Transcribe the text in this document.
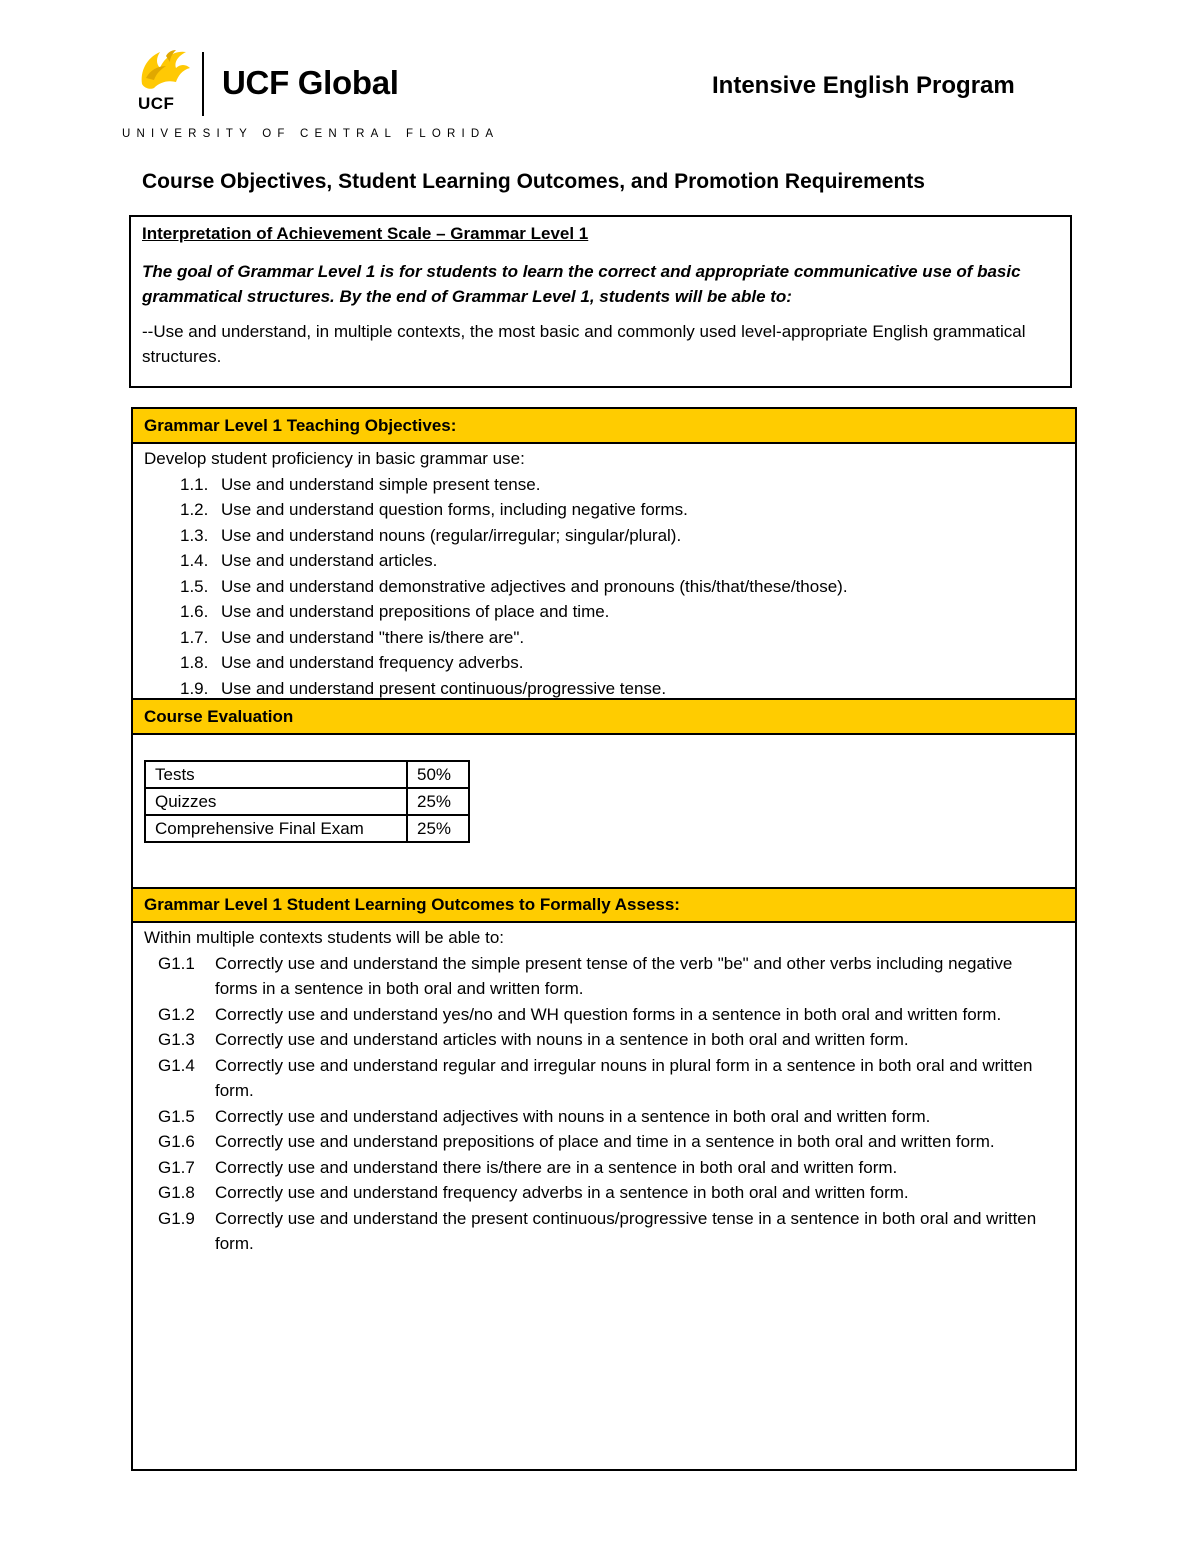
UCF
UCF Global
UNIVERSITY OF CENTRAL FLORIDA
Intensive English Program
Course Objectives, Student Learning Outcomes, and Promotion Requirements
Interpretation of Achievement Scale – Grammar Level 1
The goal of Grammar Level 1 is for students to learn the correct and appropriate communicative use of basic grammatical structures. By the end of Grammar Level 1, students will be able to:
--Use and understand, in multiple contexts, the most basic and commonly used level-appropriate English grammatical structures.
Grammar Level 1 Teaching Objectives:
Develop student proficiency in basic grammar use:
1.1. Use and understand simple present tense.
1.2. Use and understand question forms, including negative forms.
1.3. Use and understand nouns (regular/irregular; singular/plural).
1.4. Use and understand articles.
1.5. Use and understand demonstrative adjectives and pronouns (this/that/these/those).
1.6. Use and understand prepositions of place and time.
1.7. Use and understand "there is/there are".
1.8. Use and understand frequency adverbs.
1.9. Use and understand present continuous/progressive tense.
Course Evaluation
Tests	50%
Quizzes	25%
Comprehensive Final Exam	25%
Grammar Level 1 Student Learning Outcomes to Formally Assess:
Within multiple contexts students will be able to:
G1.1	Correctly use and understand the simple present tense of the verb "be" and other verbs including negative forms in a sentence in both oral and written form.
G1.2	Correctly use and understand yes/no and WH question forms in a sentence in both oral and written form.
G1.3	Correctly use and understand articles with nouns in a sentence in both oral and written form.
G1.4	Correctly use and understand regular and irregular nouns in plural form in a sentence in both oral and written form.
G1.5	Correctly use and understand adjectives with nouns in a sentence in both oral and written form.
G1.6	Correctly use and understand prepositions of place and time in a sentence in both oral and written form.
G1.7	Correctly use and understand there is/there are in a sentence in both oral and written form.
G1.8	Correctly use and understand frequency adverbs in a sentence in both oral and written form.
G1.9	Correctly use and understand the present continuous/progressive tense in a sentence in both oral and written form.
